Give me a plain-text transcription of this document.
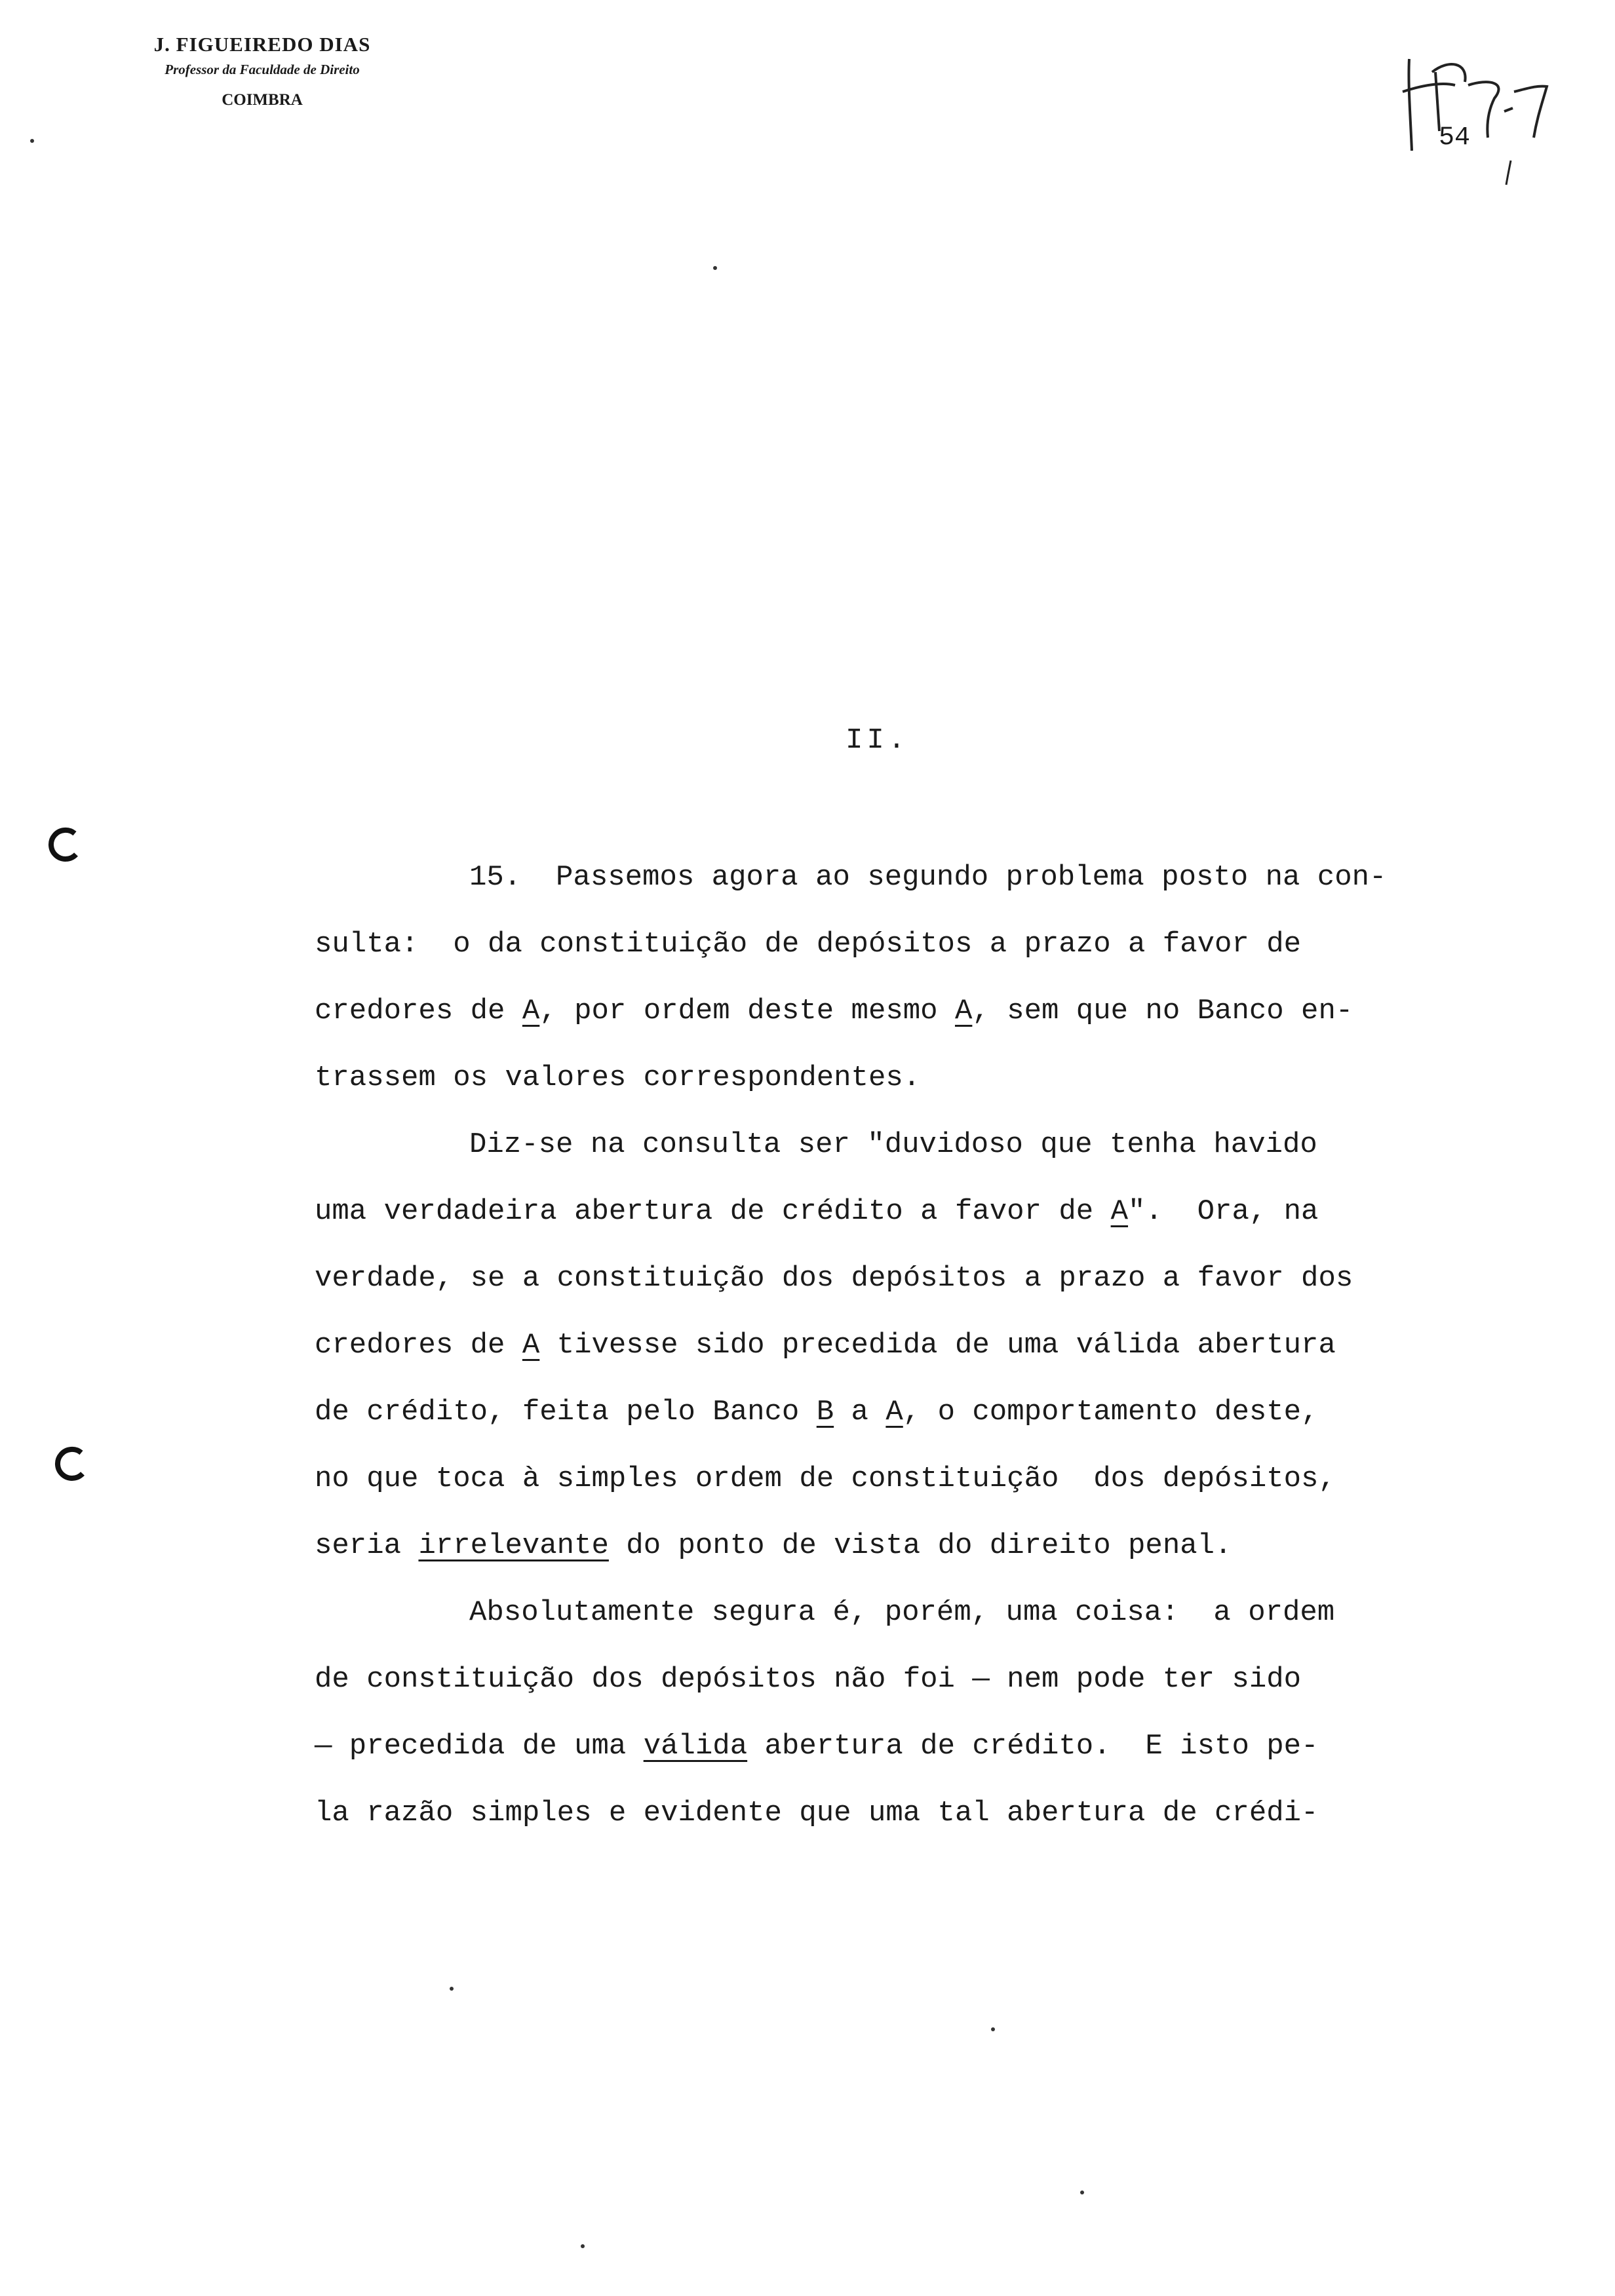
J. FIGUEIREDO DIAS
Professor da Faculdade de Direito
COIMBRA
54
II.
15.  Passemos agora ao segundo problema posto na con-
sulta:  o da constituição de depósitos a prazo a favor de
credores de A, por ordem deste mesmo A, sem que no Banco en-
trassem os valores correspondentes.
Diz-se na consulta ser "duvidoso que tenha havido
uma verdadeira abertura de crédito a favor de A".  Ora, na
verdade, se a constituição dos depósitos a prazo a favor dos
credores de A tivesse sido precedida de uma válida abertura
de crédito, feita pelo Banco B a A, o comportamento deste,
no que toca à simples ordem de constituição  dos depósitos,
seria irrelevante do ponto de vista do direito penal.
Absolutamente segura é, porém, uma coisa:  a ordem
de constituição dos depósitos não foi — nem pode ter sido
— precedida de uma válida abertura de crédito.  E isto pe-
la razão simples e evidente que uma tal abertura de crédi-
